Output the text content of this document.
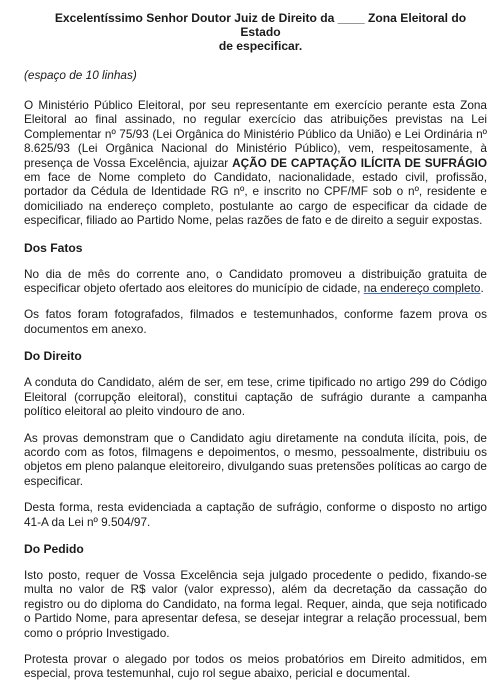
Excelentíssimo Senhor Doutor Juiz de Direito da ____ Zona Eleitoral do Estado
de especificar.
(espaço de 10 linhas)

O Ministério Público Eleitoral, por seu representante em exercício perante esta Zona Eleitoral ao final assinado, no regular exercício das atribuições previstas na Lei Complementar nº 75/93 (Lei Orgânica do Ministério Público da União) e Lei Ordinária nº 8.625/93 (Lei Orgânica Nacional do Ministério Público), vem, respeitosamente, à presença de Vossa Excelência, ajuizar AÇÃO DE CAPTAÇÃO ILÍCITA DE SUFRÁGIO em face de Nome completo do Candidato, nacionalidade, estado civil, profissão, portador da Cédula de Identidade RG nº, e inscrito no CPF/MF sob o nº, residente e domiciliado na endereço completo, postulante ao cargo de especificar da cidade de especificar, filiado ao Partido Nome, pelas razões de fato e de direito a seguir expostas.

Dos Fatos

No dia de mês do corrente ano, o Candidato promoveu a distribuição gratuita de especificar objeto ofertado aos eleitores do município de cidade, na endereço completo.

Os fatos foram fotografados, filmados e testemunhados, conforme fazem prova os documentos em anexo.

Do Direito

A conduta do Candidato, além de ser, em tese, crime tipificado no artigo 299 do Código Eleitoral (corrupção eleitoral), constitui captação de sufrágio durante a campanha político eleitoral ao pleito vindouro de ano.

As provas demonstram que o Candidato agiu diretamente na conduta ilícita, pois, de acordo com as fotos, filmagens e depoimentos, o mesmo, pessoalmente, distribuiu os objetos em pleno palanque eleitoreiro, divulgando suas pretensões políticas ao cargo de especificar.

Desta forma, resta evidenciada a captação de sufrágio, conforme o disposto no artigo 41-A da Lei nº 9.504/97.

Do Pedido

Isto posto, requer de Vossa Excelência seja julgado procedente o pedido, fixando-se multa no valor de R$ valor (valor expresso), além da decretação da cassação do registro ou do diploma do Candidato, na forma legal. Requer, ainda, que seja notificado o Partido Nome, para apresentar defesa, se desejar integrar a relação processual, bem como o próprio Investigado.

Protesta provar o alegado por todos os meios probatórios em Direito admitidos, em especial, prova testemunhal, cujo rol segue abaixo, pericial e documental.
